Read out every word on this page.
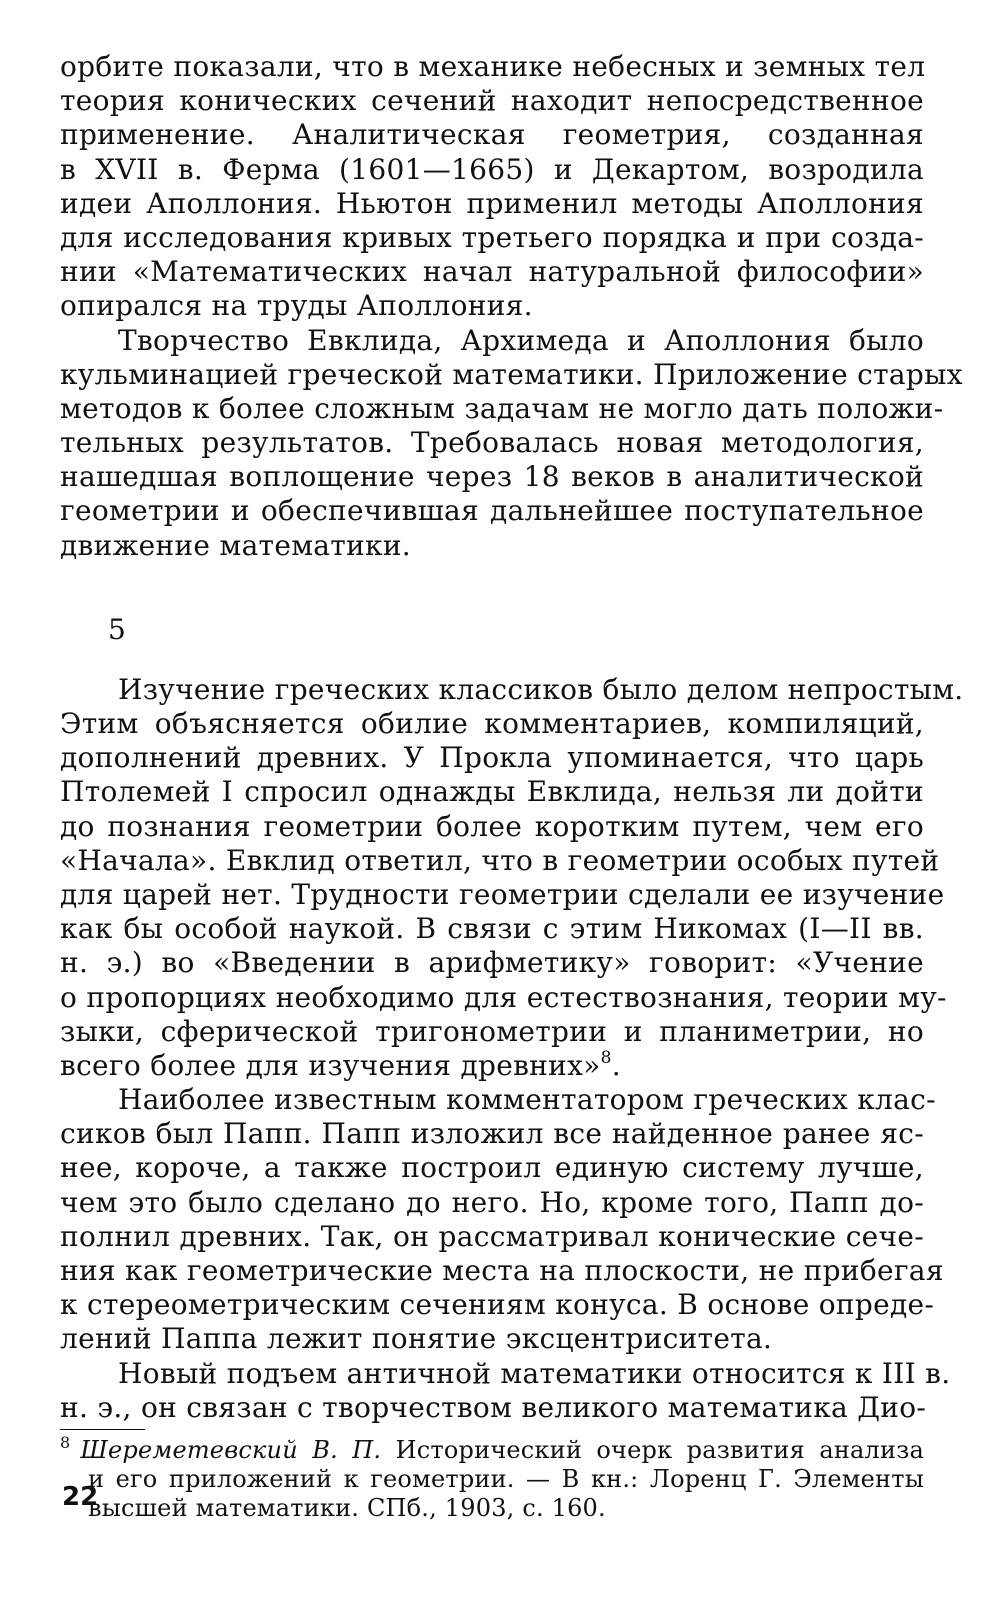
орбите показали, что в механике небесных и земных тел
теория конических сечений находит непосредственное
применение. Аналитическая геометрия, созданная
в XVII в. Ферма (1601—1665) и Декартом, возродила
идеи Аполлония. Ньютон применил методы Аполлония
для исследования кривых третьего порядка и при созда-
нии «Математических начал натуральной философии»
опирался на труды Аполлония.
Творчество Евклида, Архимеда и Аполлония было
кульминацией греческой математики. Приложение старых
методов к более сложным задачам не могло дать положи-
тельных результатов. Требовалась новая методология,
нашедшая воплощение через 18 веков в аналитической
геометрии и обеспечившая дальнейшее поступательное
движение математики.
5
Изучение греческих классиков было делом непростым.
Этим объясняется обилие комментариев, компиляций,
дополнений древних. У Прокла упоминается, что царь
Птолемей I спросил однажды Евклида, нельзя ли дойти
до познания геометрии более коротким путем, чем его
«Начала». Евклид ответил, что в геометрии особых путей
для царей нет. Трудности геометрии сделали ее изучение
как бы особой наукой. В связи с этим Никомах (I—II вв.
н. э.) во «Введении в арифметику» говорит: «Учение
о пропорциях необходимо для естествознания, теории му-
зыки, сферической тригонометрии и планиметрии, но
всего более для изучения древних»$^8$.
Наиболее известным комментатором греческих клас-
сиков был Папп. Папп изложил все найденное ранее яс-
нее, короче, а также построил единую систему лучше,
чем это было сделано до него. Но, кроме того, Папп до-
полнил древних. Так, он рассматривал конические сече-
ния как геометрические места на плоскости, не прибегая
к стереометрическим сечениям конуса. В основе опреде-
лений Паппа лежит понятие эксцентриситета.
Новый подъем античной математики относится к III в.
н. э., он связан с творчеством великого математика Дио-
$^8$ Шереметевский В. П. Исторический очерк развития анализа
и его приложений к геометрии. — В кн.: Лоренц Г. Элементы
высшей математики. СПб., 1903, с. 160.
22
